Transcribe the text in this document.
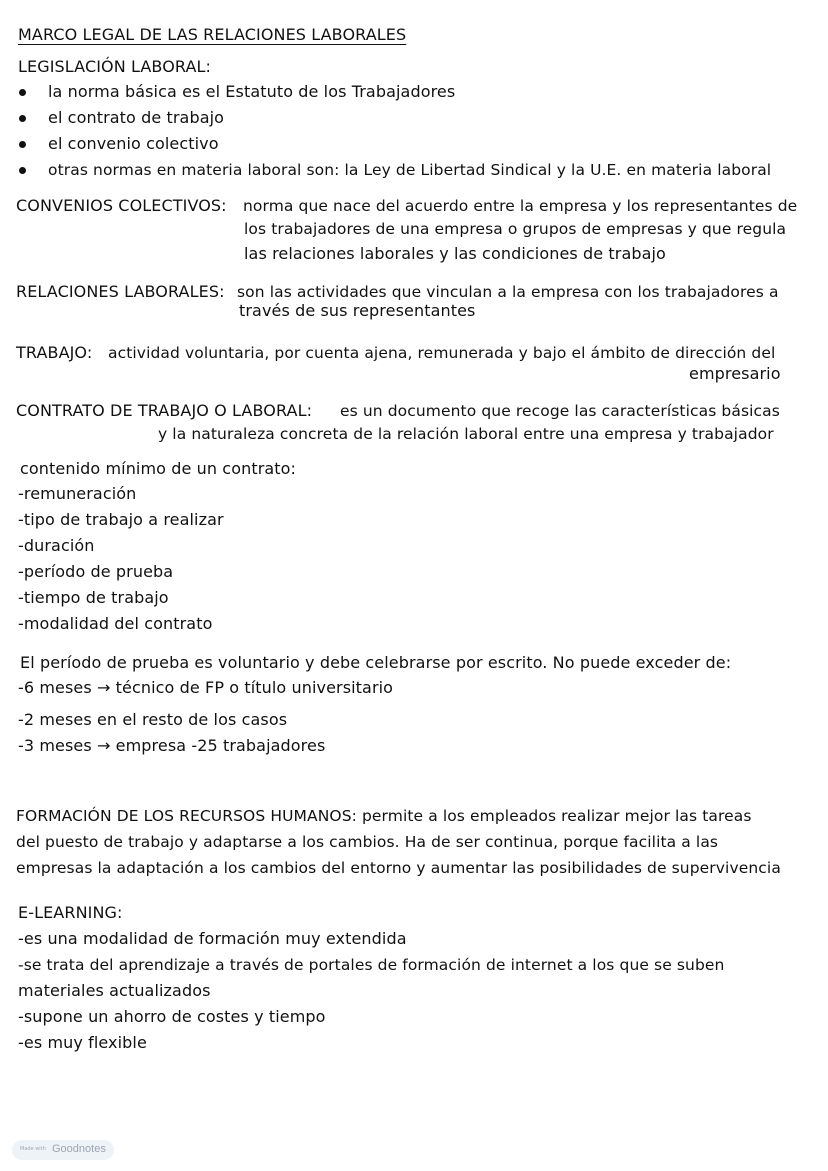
MARCO LEGAL DE LAS RELACIONES LABORALES
LEGISLACIÓN LABORAL:
la norma básica es el Estatuto de los Trabajadores
el contrato de trabajo
el convenio colectivo
otras normas en materia laboral son: la Ley de Libertad Sindical y la U.E. en materia laboral
CONVENIOS COLECTIVOS: norma que nace del acuerdo entre la empresa y los representantes de
los trabajadores de una empresa o grupos de empresas y que regula
las relaciones laborales y las condiciones de trabajo
RELACIONES LABORALES: son las actividades que vinculan a la empresa con los trabajadores a
través de sus representantes
TRABAJO: actividad voluntaria, por cuenta ajena, remunerada y bajo el ámbito de dirección del
empresario
CONTRATO DE TRABAJO O LABORAL: es un documento que recoge las características básicas
y la naturaleza concreta de la relación laboral entre una empresa y trabajador
contenido mínimo de un contrato:
-remuneración
-tipo de trabajo a realizar
-duración
-período de prueba
-tiempo de trabajo
-modalidad del contrato
El período de prueba es voluntario y debe celebrarse por escrito. No puede exceder de:
-6 meses → técnico de FP o título universitario
-2 meses en el resto de los casos
-3 meses → empresa -25 trabajadores
FORMACIÓN DE LOS RECURSOS HUMANOS: permite a los empleados realizar mejor las tareas
del puesto de trabajo y adaptarse a los cambios. Ha de ser continua, porque facilita a las
empresas la adaptación a los cambios del entorno y aumentar las posibilidades de supervivencia
E-LEARNING:
-es una modalidad de formación muy extendida
-se trata del aprendizaje a través de portales de formación de internet a los que se suben
materiales actualizados
-supone un ahorro de costes y tiempo
-es muy flexible
Made with Goodnotes
